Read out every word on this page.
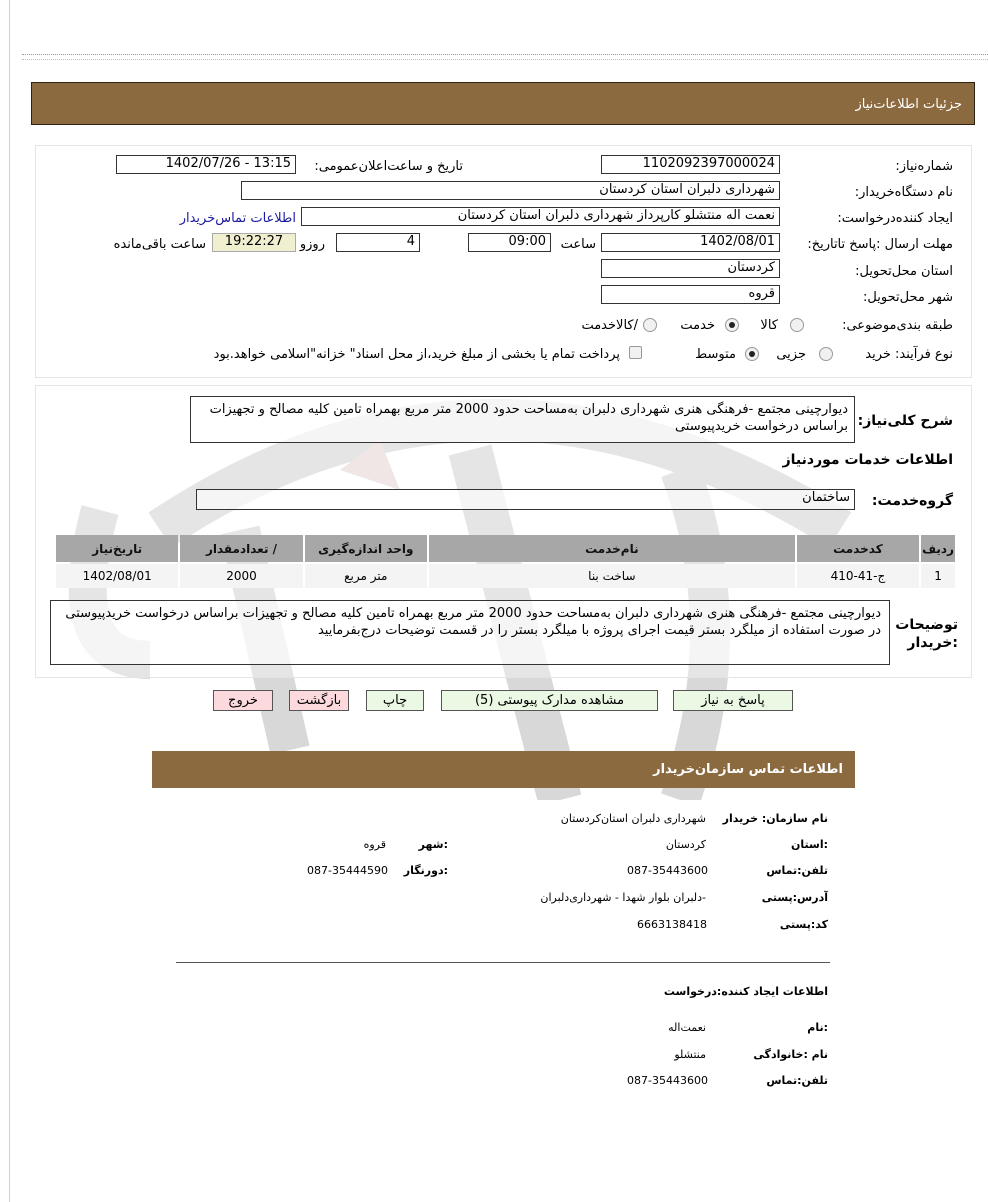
جزئیات اطلاعات‌نیاز
شماره‌نیاز:
1102092397000024
تاریخ و ساعت‌اعلان‌عمومی:
1402/07/26 - 13:15
نام دستگاه‌خریدار:
شهرداری دلبران استان کردستان
ایجاد کننده‌درخواست:
نعمت اله منتشلو کارپرداز شهرداری دلبران استان کردستان
اطلاعات تماس‌خریدار
مهلت ارسال :پاسخ تا‌تاریخ:
1402/08/01
ساعت
09:00
4
روزو
19:22:27
ساعت باقی‌مانده
استان محل‌تحویل:
کردستان
شهر محل‌تحویل:
قروه
طبقه بندی‌موضوعی:
کالا
خدمت
/کالاخدمت
نوع فرآیند: خرید
جزیی
متوسط
پرداخت تمام یا بخشی از مبلغ خرید،از محل اسناد" خزانه"اسلامی خواهد.بود
شرح کلی‌نیاز:
دیوارچینی مجتمع -فرهنگی هنری شهرداری دلبران به‌مساحت حدود 2000 متر مربع بهمراه تامین کلیه مصالح و تجهیزات براساس درخواست خریدپیوستی
اطلاعات خدمات موردنیاز
گروه‌خدمت:
ساختمان
ردیف	کدخدمت	نام‌خدمت	واحد اندازه‌گیری	/ تعدادمقدار	تاریخ‌نیاز
1	ج-41-410	ساخت بنا	متر مربع	2000	1402/08/01
توضیحات :خریدار
دیوارچینی مجتمع -فرهنگی هنری شهرداری دلبران به‌مساحت حدود 2000 متر مربع بهمراه تامین کلیه مصالح و تجهیزات براساس درخواست خریدپیوستی
در صورت استفاده از میلگرد بستر قیمت اجرای پروژه با میلگرد بستر را در قسمت توضیحات درج‌بفرمایید
پاسخ به نیاز
مشاهده مدارک پیوستی (5)
چاپ
بازگشت
خروج
اطلاعات تماس سازمان‌خریدار
نام سازمان: خریدار
شهرداری دلبران استان‌کردستان
:استان
کردستان
:شهر
قروه
تلفن:تماس
087-35443600
:دورنگار
087-35444590
آدرس:پستی
-دلبران بلوار شهدا - شهرداری‌دلبران
کد:پستی
6663138418
اطلاعات ایجاد کننده:درخواست
:نام
نعمت‌اله
نام :خانوادگی
منتشلو
تلفن:تماس
087-35443600
